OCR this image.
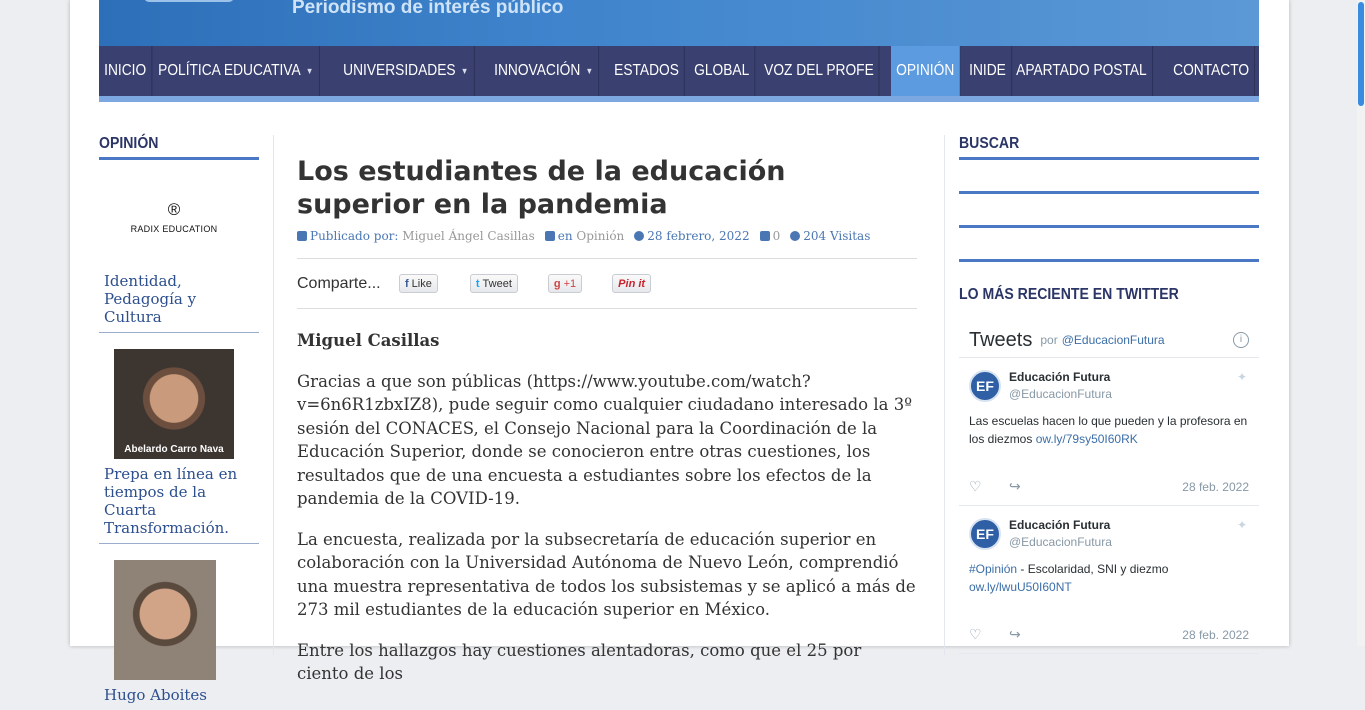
Periodismo de interés público
INICIO POLÍTICA EDUCATIVA ▼ UNIVERSIDADES ▼ INNOVACIÓN ▼ ESTADOS GLOBAL VOZ DEL PROFE OPINIÓN INIDE APARTADO POSTAL CONTACTO
OPINIÓN
®
RADIX EDUCATION
Identidad, Pedagogía y Cultura
Abelardo Carro Nava
Prepa en línea en tiempos de la Cuarta Transformación.
Hugo Aboites
Los estudiantes de la educación superior en la pandemia
Publicado por: Miguel Ángel Casillas	en Opinión	28 febrero, 2022	0	204 Visitas
Comparte...	f Like	t Tweet	g +1	Pin it

Miguel Casillas

Gracias a que son públicas (https://www.youtube.com/watch?v=6n6R1zbxIZ8), pude seguir como cualquier ciudadano interesado la 3º sesión del CONACES, el Consejo Nacional para la Coordinación de la Educación Superior, donde se conocieron entre otras cuestiones, los resultados que de una encuesta a estudiantes sobre los efectos de la pandemia de la COVID-19.

La encuesta, realizada por la subsecretaría de educación superior en colaboración con la Universidad Autónoma de Nuevo León, comprendió una muestra representativa de todos los subsistemas y se aplicó a más de 273 mil estudiantes de la educación superior en México.

Entre los hallazgos hay cuestiones alentadoras, como que el 25 por ciento de los

BUSCAR
LO MÁS RECIENTE EN TWITTER
Tweets por @EducacionFutura	i
✦
EF
Educación Futura
@EducacionFutura
Las escuelas hacen lo que pueden y la profesora en los diezmos ow.ly/79sy50I60RK
♡	↪	28 feb. 2022
✦
EF
Educación Futura
@EducacionFutura
#Opinión - Escolaridad, SNI y diezmo
ow.ly/lwuU50I60NT
♡	↪	28 feb. 2022
